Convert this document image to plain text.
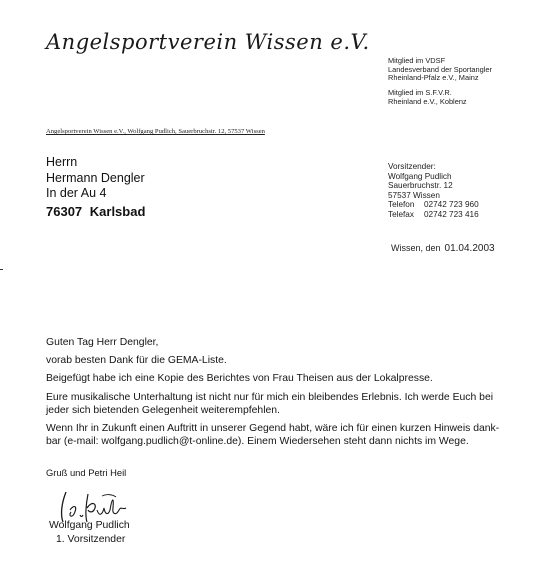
Angelsportverein Wissen e.V.
Mitglied im VDSF
Landesverband der Sportangler
Rheinland-Pfalz e.V., Mainz
Mitglied im S.F.V.R.
Rheinland e.V., Koblenz
Angelsportverein Wissen e.V., Wolfgang Pudlich, Sauerbruchstr. 12, 57537 Wissen
Herrn
Hermann Dengler
In der Au 4
76307 Karlsbad
Vorsitzender:
Wolfgang Pudlich
Sauerbruchstr. 12
57537 Wissen
Telefon 02742 723 960
Telefax 02742 723 416
Wissen, den 01.04.2003
Guten Tag Herr Dengler,
vorab besten Dank für die GEMA-Liste.
Beigefügt habe ich eine Kopie des Berichtes von Frau Theisen aus der Lokalpresse.
Eure musikalische Unterhaltung ist nicht nur für mich ein bleibendes Erlebnis. Ich werde Euch bei
jeder sich bietenden Gelegenheit weiterempfehlen.
Wenn Ihr in Zukunft einen Auftritt in unserer Gegend habt, wäre ich für einen kurzen Hinweis dank-
bar (e-mail: wolfgang.pudlich@t-online.de). Einem Wiedersehen steht dann nichts im Wege.
Gruß und Petri Heil
Wolfgang Pudlich
1. Vorsitzender
